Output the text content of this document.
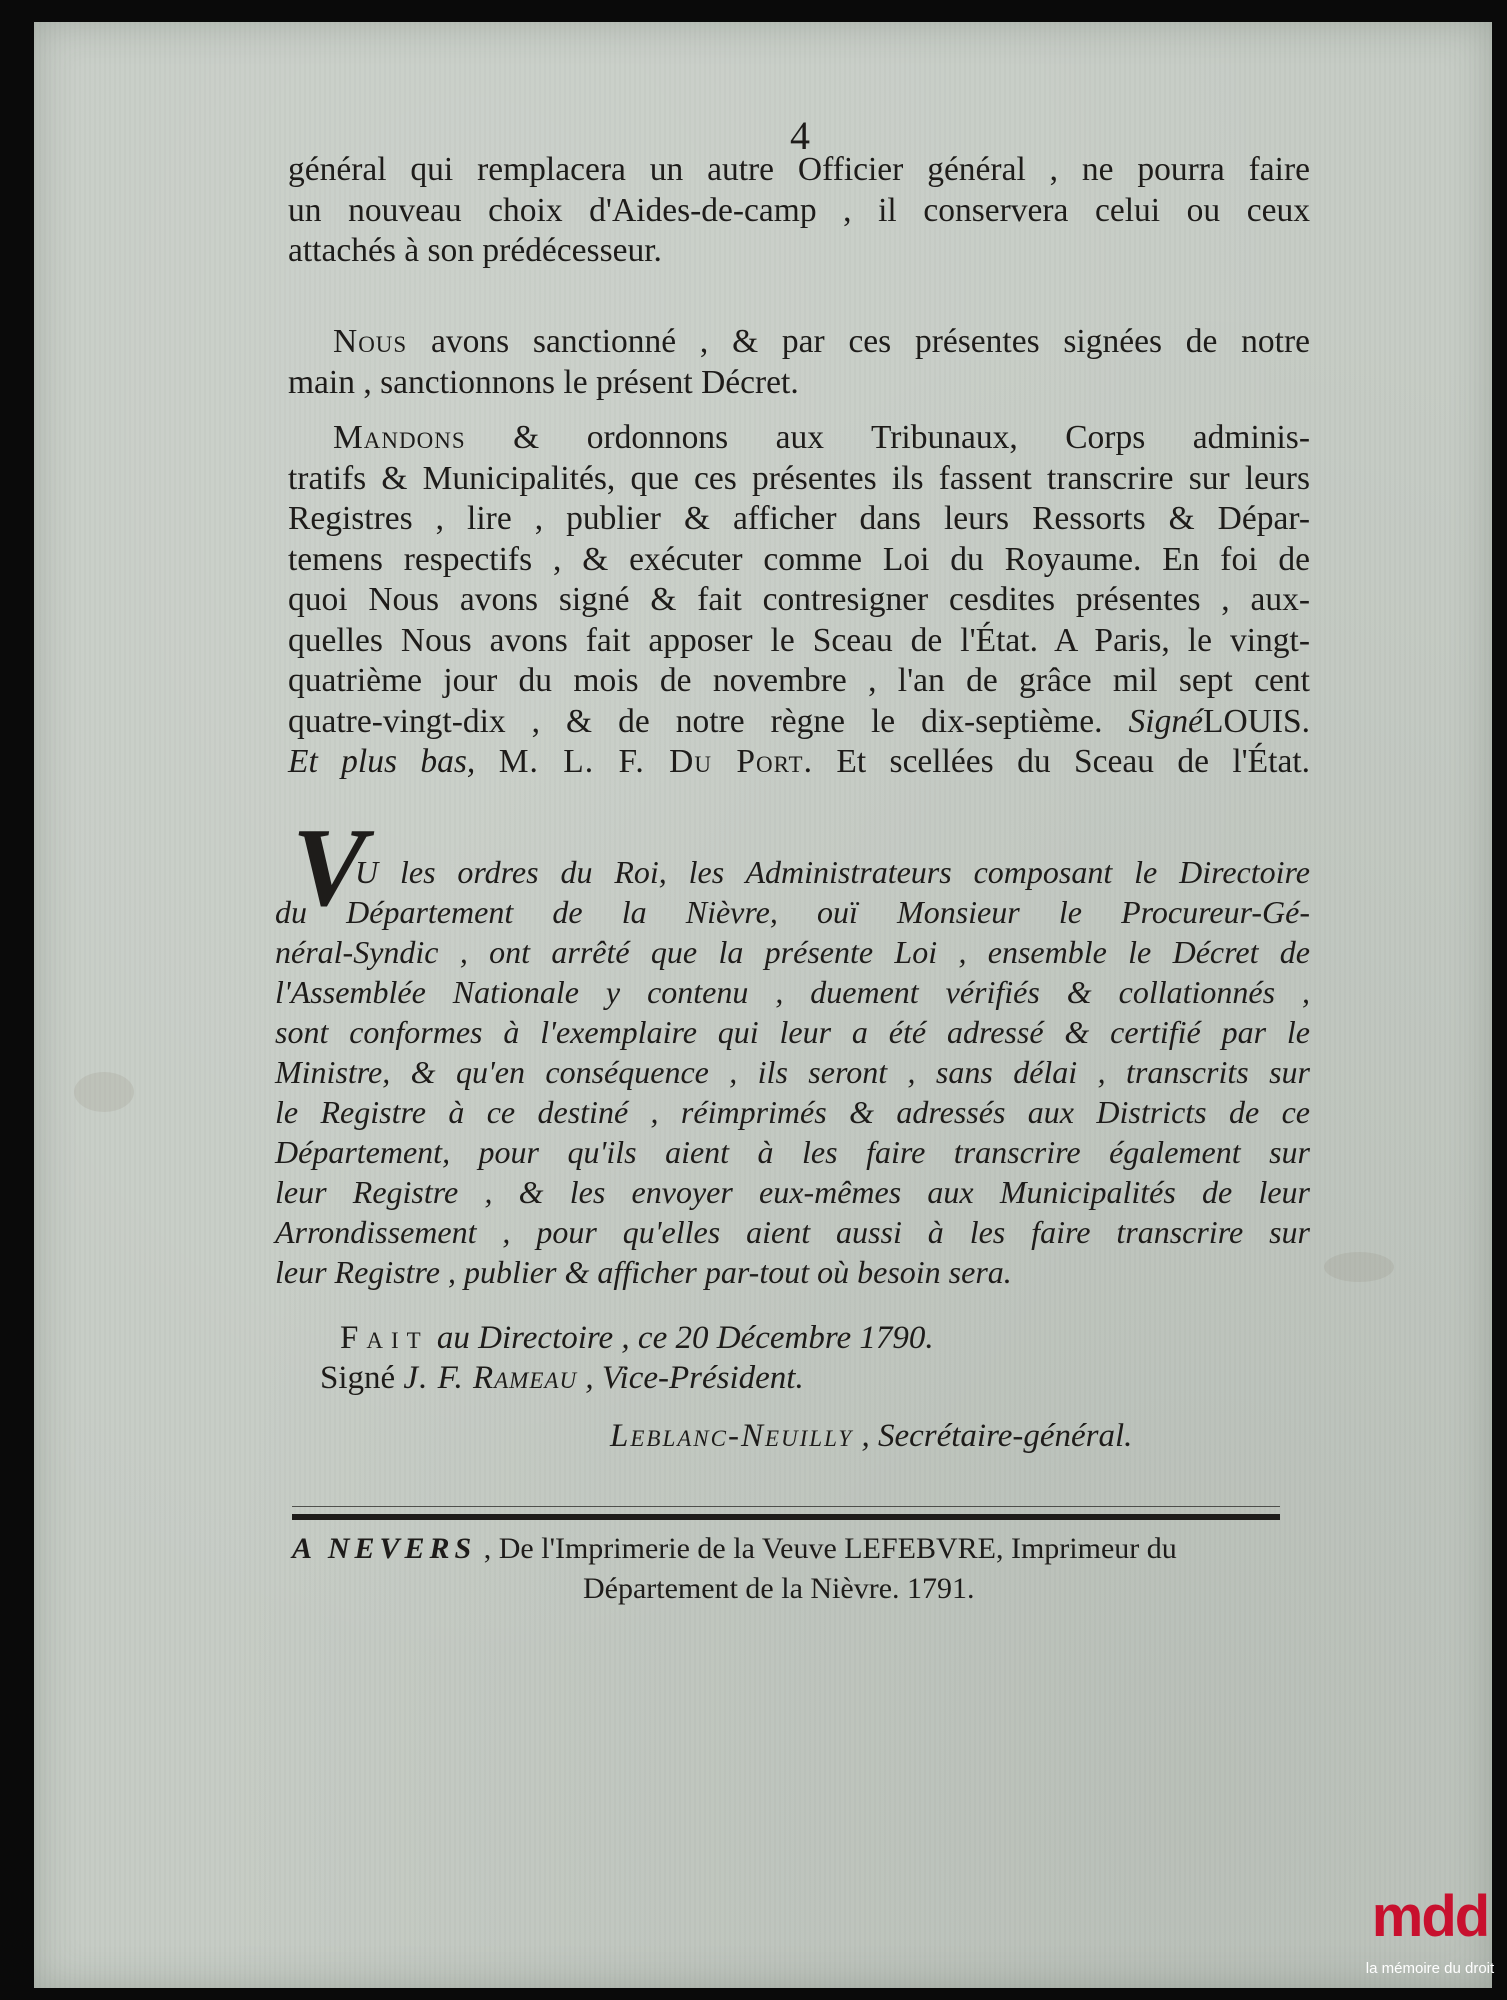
4
général qui remplacera un autre Officier général , ne pourra faire
un nouveau choix d'Aides-de-camp , il conservera celui ou ceux
attachés à son prédécesseur.
Nous avons sanctionné , & par ces présentes signées de notre
main , sanctionnons le présent Décret.
Mandons & ordonnons aux Tribunaux, Corps adminis-
tratifs & Municipalités, que ces présentes ils fassent transcrire sur leurs
Registres , lire , publier & afficher dans leurs Ressorts & Dépar-
temens respectifs , & exécuter comme Loi du Royaume. En foi de
quoi Nous avons signé & fait contresigner cesdites présentes , aux-
quelles Nous avons fait apposer le Sceau de l'État. A Paris, le vingt-
quatrième jour du mois de novembre , l'an de grâce mil sept cent
quatre-vingt-dix , & de notre règne le dix-septième. SignéLOUIS.
Et plus bas, M. L. F. Du Port. Et scellées du Sceau de l'État.
V
U les ordres du Roi, les Administrateurs composant le Directoire
du Département de la Nièvre, ouï Monsieur le Procureur-Gé-
néral-Syndic , ont arrêté que la présente Loi , ensemble le Décret de
l'Assemblée Nationale y contenu , duement vérifiés & collationnés ,
sont conformes à l'exemplaire qui leur a été adressé & certifié par le
Ministre, & qu'en conséquence , ils seront , sans délai , transcrits sur
le Registre à ce destiné , réimprimés & adressés aux Districts de ce
Département, pour qu'ils aient à les faire transcrire également sur
leur Registre , & les envoyer eux-mêmes aux Municipalités de leur
Arrondissement , pour qu'elles aient aussi à les faire transcrire sur
leur Registre , publier & afficher par-tout où besoin sera.
Fait au Directoire , ce 20 Décembre 1790.
Signé J. F. Rameau , Vice-Président.
Leblanc-Neuilly , Secrétaire-général.
A NEVERS , De l'Imprimerie de la Veuve LEFEBVRE, Imprimeur du
Département de la Nièvre. 1791.
mdd
la mémoire du droit
